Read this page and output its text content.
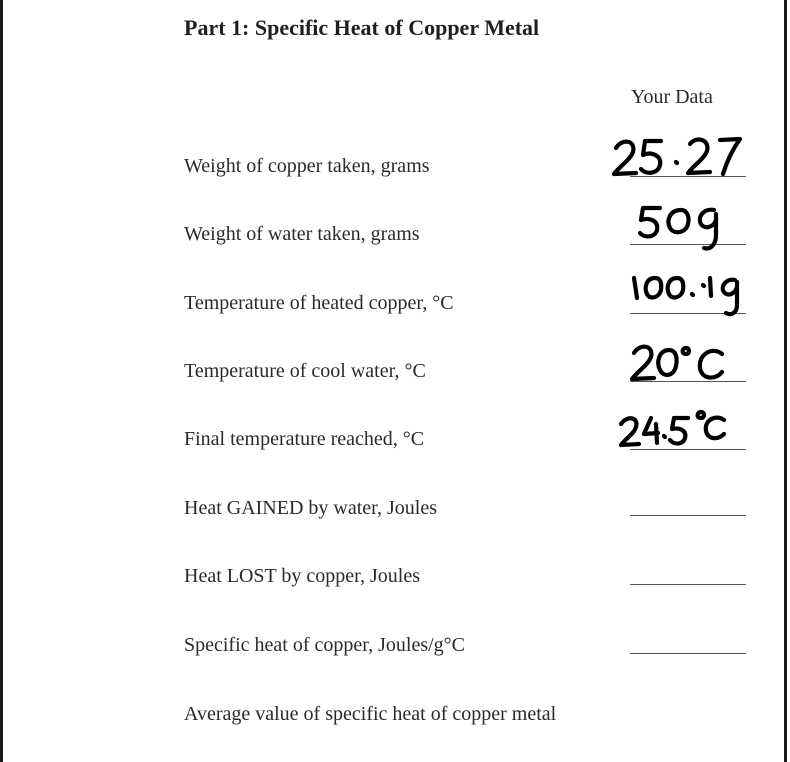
Part 1: Specific Heat of Copper Metal
Your Data
Weight of copper taken, grams
Weight of water taken, grams
Temperature of heated copper, °C
Temperature of cool water, °C
Final temperature reached, °C
Heat GAINED by water, Joules
Heat LOST by copper, Joules
Specific heat of copper, Joules/g°C
Average value of specific heat of copper metal
